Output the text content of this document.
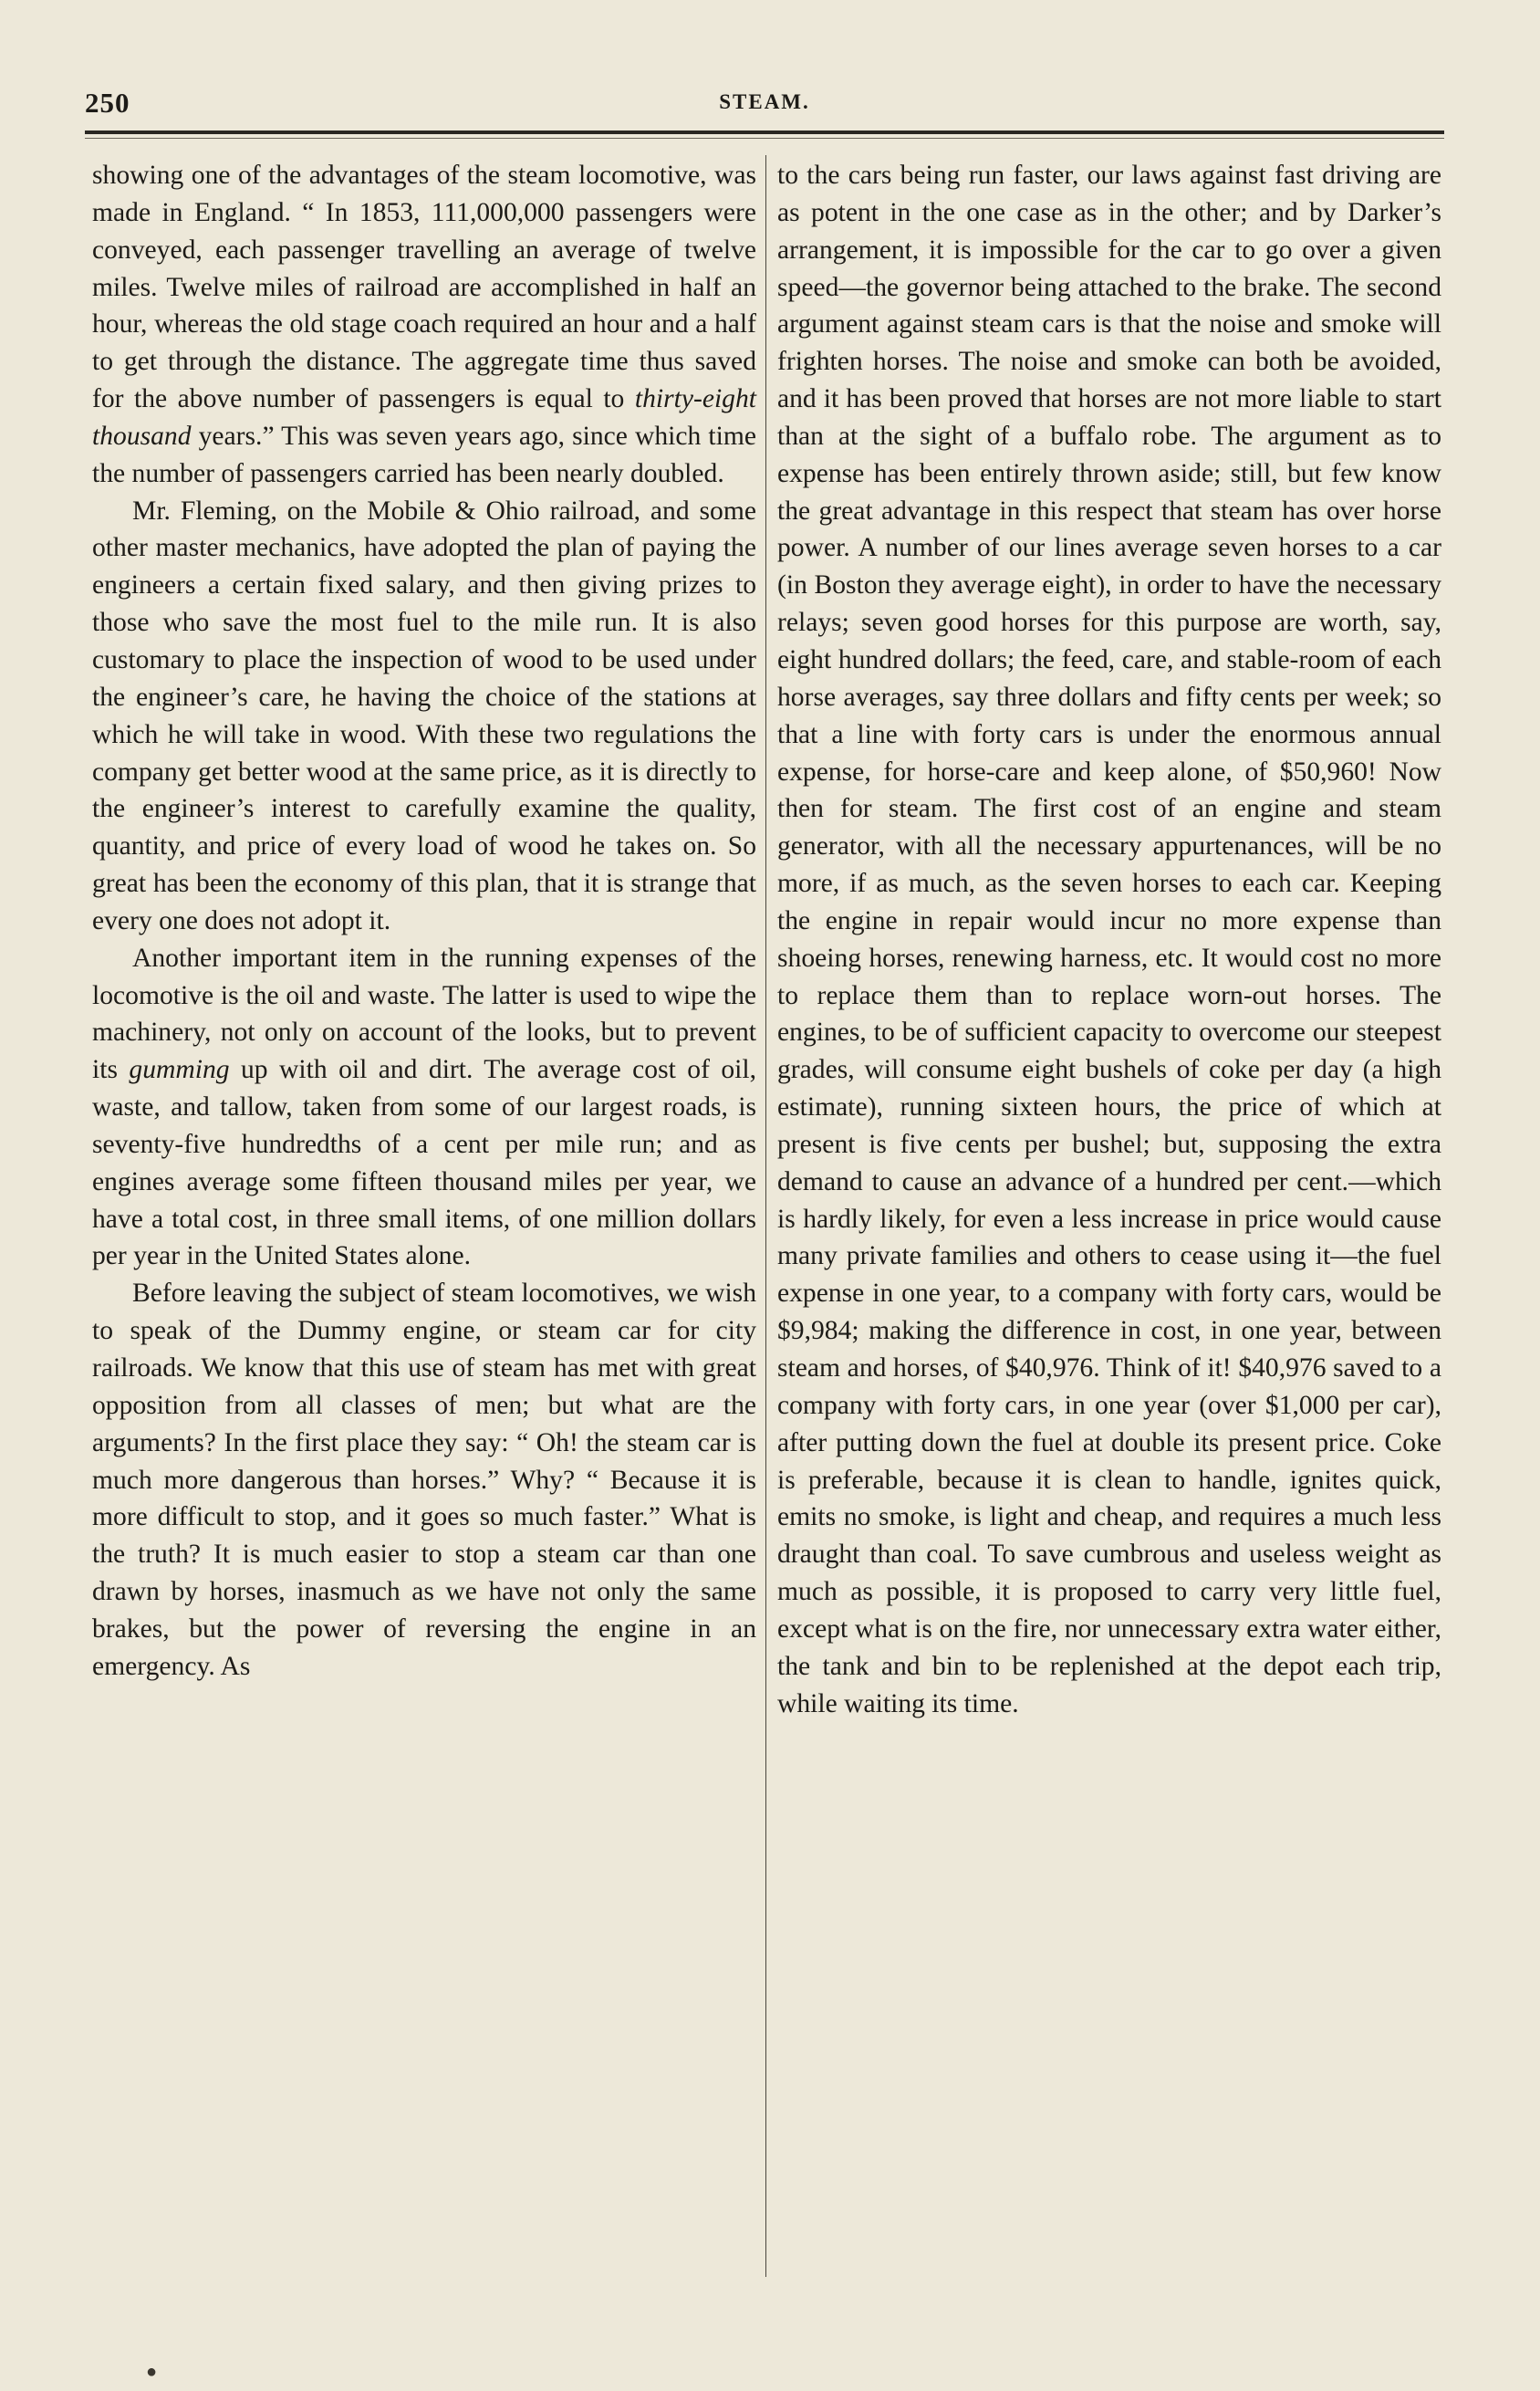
250	STEAM.

showing one of the advantages of the steam locomotive, was made in England. “ In 1853, 111,000,000 passengers were conveyed, each passenger travelling an average of twelve miles. Twelve miles of railroad are accomplished in half an hour, whereas the old stage coach required an hour and a half to get through the distance. The aggregate time thus saved for the above number of passengers is equal to thirty-eight thousand years.” This was seven years ago, since which time the number of passengers carried has been nearly doubled.

Mr. Fleming, on the Mobile & Ohio railroad, and some other master mechanics, have adopted the plan of paying the engineers a certain fixed salary, and then giving prizes to those who save the most fuel to the mile run. It is also customary to place the inspection of wood to be used under the engineer’s care, he having the choice of the stations at which he will take in wood. With these two regulations the company get better wood at the same price, as it is directly to the engineer’s interest to carefully examine the quality, quantity, and price of every load of wood he takes on. So great has been the economy of this plan, that it is strange that every one does not adopt it.

Another important item in the running expenses of the locomotive is the oil and waste. The latter is used to wipe the machinery, not only on account of the looks, but to prevent its gumming up with oil and dirt. The average cost of oil, waste, and tallow, taken from some of our largest roads, is seventy-five hundredths of a cent per mile run; and as engines average some fifteen thousand miles per year, we have a total cost, in three small items, of one million dollars per year in the United States alone.

Before leaving the subject of steam locomotives, we wish to speak of the Dummy engine, or steam car for city railroads. We know that this use of steam has met with great opposition from all classes of men; but what are the arguments? In the first place they say: “ Oh! the steam car is much more dangerous than horses.” Why? “ Because it is more difficult to stop, and it goes so much faster.” What is the truth? It is much easier to stop a steam car than one drawn by horses, inasmuch as we have not only the same brakes, but the power of reversing the engine in an emergency. As

to the cars being run faster, our laws against fast driving are as potent in the one case as in the other; and by Darker’s arrangement, it is impossible for the car to go over a given speed—the governor being attached to the brake. The second argument against steam cars is that the noise and smoke will frighten horses. The noise and smoke can both be avoided, and it has been proved that horses are not more liable to start than at the sight of a buffalo robe. The argument as to expense has been entirely thrown aside; still, but few know the great advantage in this respect that steam has over horse power. A number of our lines average seven horses to a car (in Boston they average eight), in order to have the necessary relays; seven good horses for this purpose are worth, say, eight hundred dollars; the feed, care, and stable-room of each horse averages, say three dollars and fifty cents per week; so that a line with forty cars is under the enormous annual expense, for horse-care and keep alone, of $50,960! Now then for steam. The first cost of an engine and steam generator, with all the necessary appurtenances, will be no more, if as much, as the seven horses to each car. Keeping the engine in repair would incur no more expense than shoeing horses, renewing harness, etc. It would cost no more to replace them than to replace worn-out horses. The engines, to be of sufficient capacity to overcome our steepest grades, will consume eight bushels of coke per day (a high estimate), running sixteen hours, the price of which at present is five cents per bushel; but, supposing the extra demand to cause an advance of a hundred per cent.—which is hardly likely, for even a less increase in price would cause many private families and others to cease using it—the fuel expense in one year, to a company with forty cars, would be $9,984; making the difference in cost, in one year, between steam and horses, of $40,976. Think of it! $40,976 saved to a company with forty cars, in one year (over $1,000 per car), after putting down the fuel at double its present price. Coke is preferable, because it is clean to handle, ignites quick, emits no smoke, is light and cheap, and requires a much less draught than coal. To save cumbrous and useless weight as much as possible, it is proposed to carry very little fuel, except what is on the fire, nor unnecessary extra water either, the tank and bin to be replenished at the depot each trip, while waiting its time.

●
